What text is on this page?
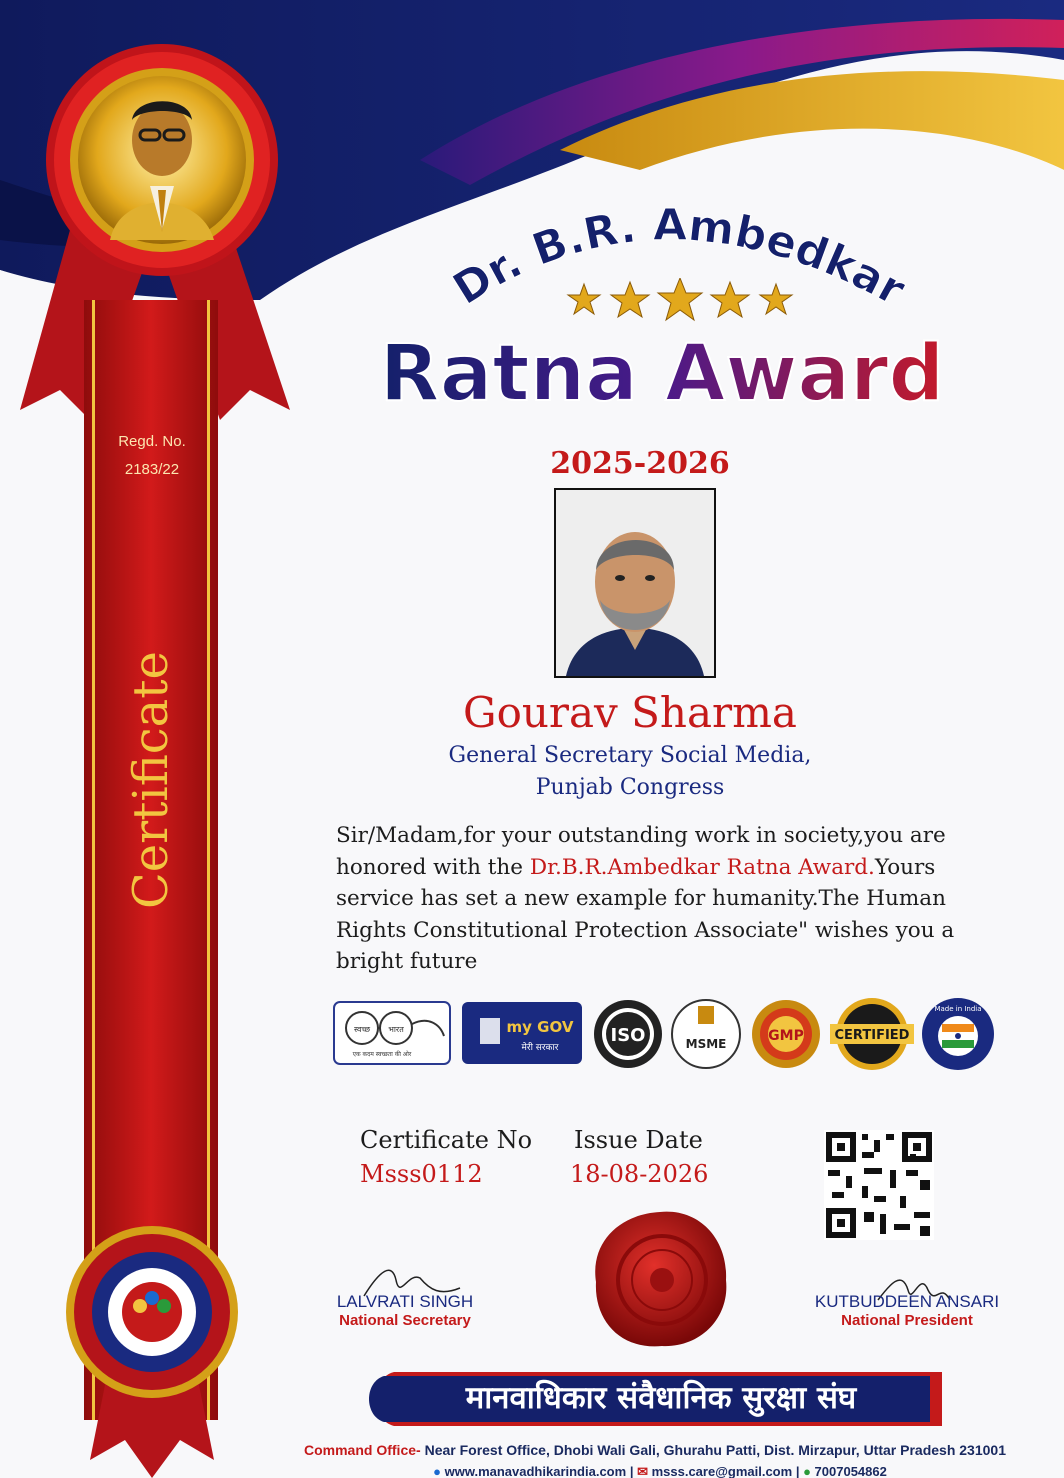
Regd. No.
2183/22
Certificate
Dr. B.R. Ambedkar
Ratna Award
2025-2026
Gourav Sharma
General Secretary Social Media,
Punjab Congress
Sir/Madam,for your outstanding work in society,you are honored with the Dr.B.R.Ambedkar Ratna Award.Yours service has set a new example for humanity.The Human Rights Constitutional Protection Associate" wishes you a bright future
स्वच्छ भारत
एक कदम स्वच्छता की ओर
my GOV
मेरी सरकार
ISO	MSME	GMP CERTIFIED
Made in India
Certificate No
Msss0112
Issue Date
18-08-2026
LALVRATI SINGH
National Secretary
KUTBUDDEEN ANSARI
National President
मानवाधिकार संवैधानिक सुरक्षा संघ
Command Office- Near Forest Office, Dhobi Wali Gali, Ghurahu Patti, Dist. Mirzapur, Uttar Pradesh 231001
● www.manavadhikarindia.com | ✉ msss.care@gmail.com | ● 7007054862
